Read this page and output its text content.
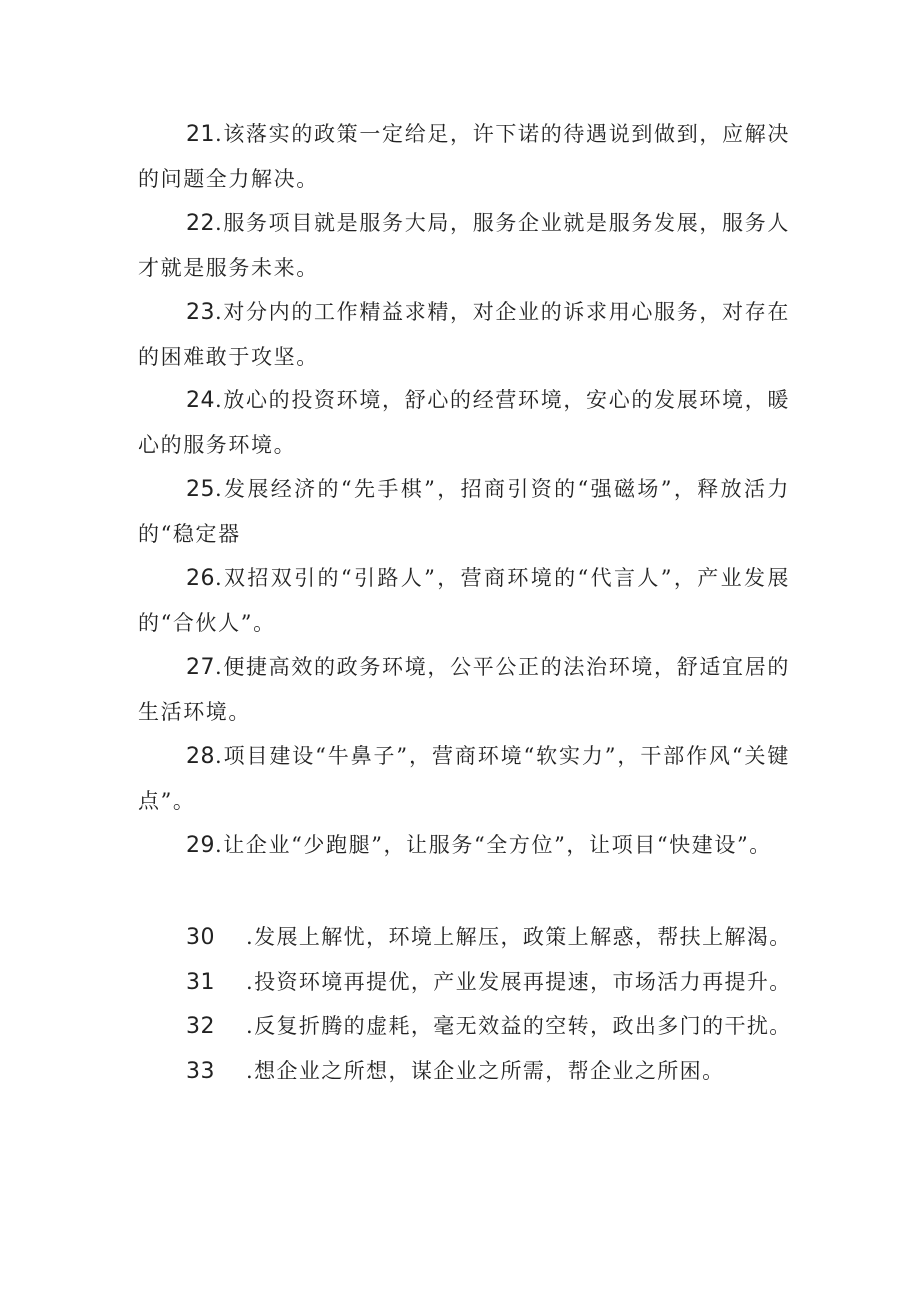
21.该落实的政策一定给足，许下诺的待遇说到做到，应解决的问题全力解决。

22.服务项目就是服务大局，服务企业就是服务发展，服务人才就是服务未来。

23.对分内的工作精益求精，对企业的诉求用心服务，对存在的困难敢于攻坚。

24.放心的投资环境，舒心的经营环境，安心的发展环境，暖心的服务环境。

25.发展经济的“先手棋”，招商引资的“强磁场”，释放活力的“稳定器

26.双招双引的“引路人”，营商环境的“代言人”，产业发展的“合伙人”。

27.便捷高效的政务环境，公平公正的法治环境，舒适宜居的生活环境。

28.项目建设“牛鼻子”，营商环境“软实力”，干部作风“关键点”。

29.让企业“少跑腿”，让服务“全方位”，让项目“快建设”。

30 .发展上解忧，环境上解压，政策上解惑，帮扶上解渴。
31 .投资环境再提优，产业发展再提速，市场活力再提升。
32 .反复折腾的虚耗，毫无效益的空转，政出多门的干扰。
33 .想企业之所想，谋企业之所需，帮企业之所困。
